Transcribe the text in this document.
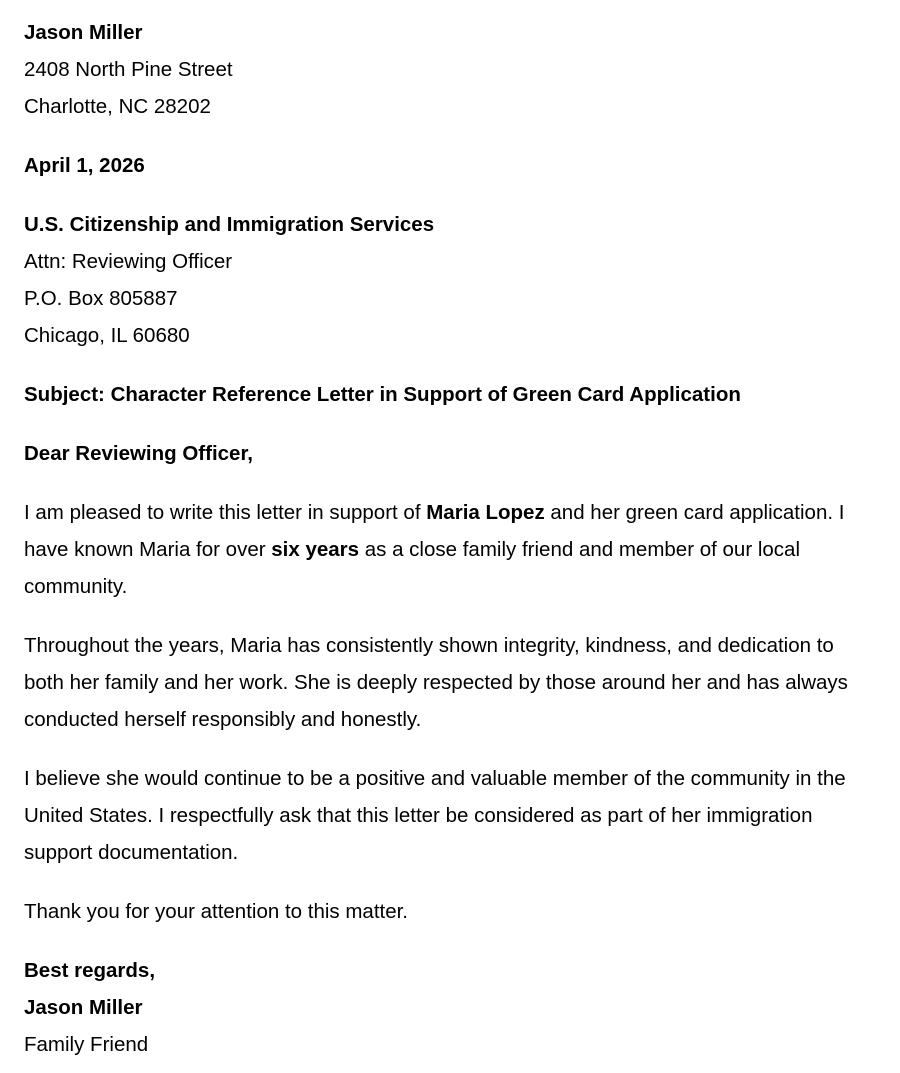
Jason Miller
2408 North Pine Street
Charlotte, NC 28202
April 1, 2026
U.S. Citizenship and Immigration Services
Attn: Reviewing Officer
P.O. Box 805887
Chicago, IL 60680
Subject: Character Reference Letter in Support of Green Card Application
Dear Reviewing Officer,

I am pleased to write this letter in support of Maria Lopez and her green card application. I have known Maria for over six years as a close family friend and member of our local community.

Throughout the years, Maria has consistently shown integrity, kindness, and dedication to both her family and her work. She is deeply respected by those around her and has always conducted herself responsibly and honestly.

I believe she would continue to be a positive and valuable member of the community in the United States. I respectfully ask that this letter be considered as part of her immigration support documentation.

Thank you for your attention to this matter.

Best regards,
Jason Miller
Family Friend
